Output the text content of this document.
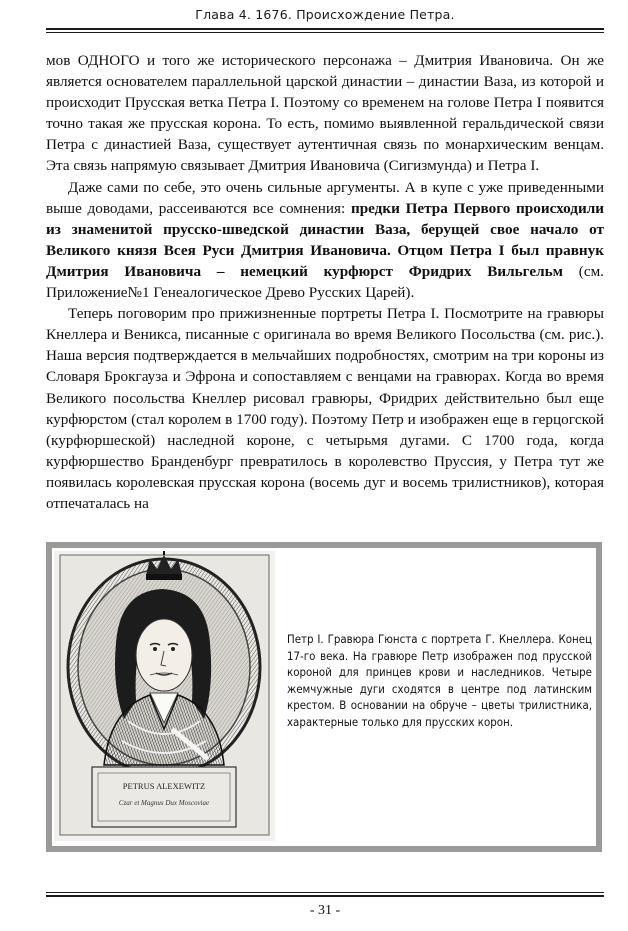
Глава 4. 1676. Происхождение Петра.

мов ОДНОГО и того же исторического персонажа – Дмитрия Ивановича. Он же является основателем параллельной царской династии – династии Ваза, из которой и происходит Прусская ветка Петра I. Поэтому со временем на голове Петра I появится точно такая же прусская корона. То есть, помимо выявленной геральдической связи Петра с династией Ваза, существует аутентичная связь по монархическим венцам. Эта связь напрямую связывает Дмитрия Ивановича (Сигизмунда) и Петра I.

Даже сами по себе, это очень сильные аргументы. А в купе с уже приведенными выше доводами, рассеиваются все сомнения: предки Петра Первого происходили из знаменитой прусско-шведской династии Ваза, берущей свое начало от Великого князя Всея Руси Дмитрия Ивановича. Отцом Петра I был правнук Дмитрия Ивановича – немецкий курфюрст Фридрих Вильгельм (см. Приложение№1 Генеалогическое Древо Русских Царей).

Теперь поговорим про прижизненные портреты Петра I. Посмотрите на гравюры Кнеллера и Веникса, писанные с оригинала во время Великого Посольства (см. рис.). Наша версия подтверждается в мельчайших подробностях, смотрим на три короны из Словаря Брокгауза и Эфрона и сопоставляем с венцами на гравюрах. Когда во время Великого посольства Кнеллер рисовал гравюры, Фридрих действительно был еще курфюрстом (стал королем в 1700 году). Поэтому Петр и изображен еще в герцогской (курфюршеской) наследной короне, с четырьмя дугами. С 1700 года, когда курфюршество Бранденбург превратилось в королевство Пруссия, у Петра тут же появилась королевская прусская корона (восемь дуг и восемь трилистников), которая отпечаталась на

PETRUS ALEXEWITZ
Czar et Magnus Dux Moscoviae
Петр I. Гравюра Гюнста с портрета Г. Кнеллера. Конец 17-го века. На гравюре Петр изображен под прусской короной для принцев крови и наследников. Четыре жемчужные дуги сходятся в центре под латинским крестом. В основании на обруче – цветы трилистника, характерные только для прусских корон.
- 31 -
